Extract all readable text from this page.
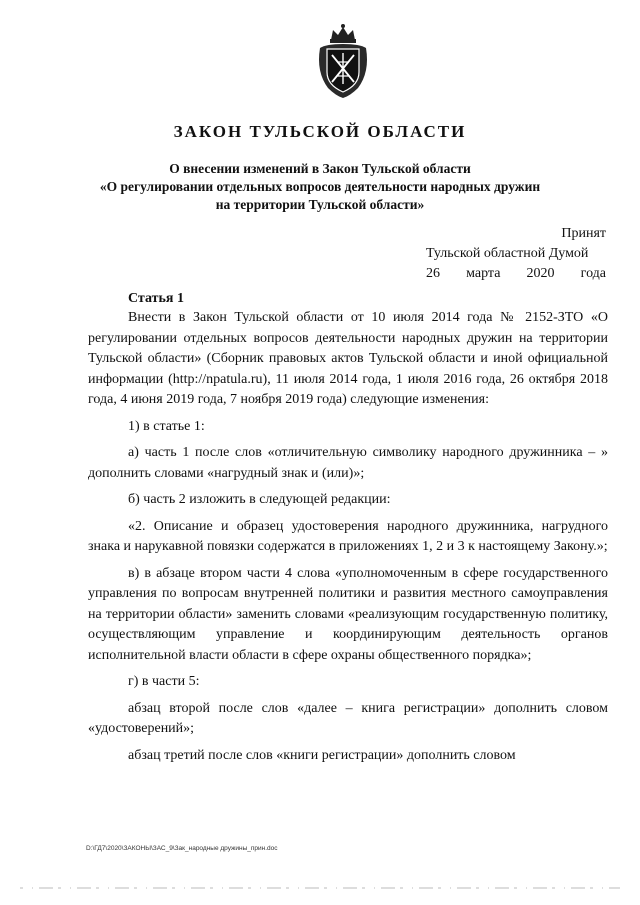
ЗАКОН ТУЛЬСКОЙ ОБЛАСТИ
О внесении изменений в Закон Тульской области
«О регулировании отдельных вопросов деятельности народных дружин
на территории Тульской области»
Принят
Тульской областной Думой
26 марта 2020 года
Статья 1

Внести в Закон Тульской области от 10 июля 2014 года № 2152-ЗТО «О регулировании отдельных вопросов деятельности народных дружин на территории Тульской области» (Сборник правовых актов Тульской области и иной официальной информации (http://npatula.ru), 11 июля 2014 года, 1 июля 2016 года, 26 октября 2018 года, 4 июня 2019 года, 7 ноября 2019 года) следующие изменения:

1) в статье 1:

а) часть 1 после слов «отличительную символику народного дружинника – » дополнить словами «нагрудный знак и (или)»;

б) часть 2 изложить в следующей редакции:

«2. Описание и образец удостоверения народного дружинника, нагрудного знака и нарукавной повязки содержатся в приложениях 1, 2 и 3 к настоящему Закону.»;

в) в абзаце втором части 4 слова «уполномоченным в сфере государственного управления по вопросам внутренней политики и развития местного самоуправления на территории области» заменить словами «реализующим государственную политику, осуществляющим управление и координирующим деятельность органов исполнительной власти области в сфере охраны общественного порядка»;

г) в части 5:

абзац второй после слов «далее – книга регистрации» дополнить словом «удостоверений»;

абзац третий после слов «книги регистрации» дополнить словом

D:\ГД7\2020\ЗАКОНЫ\ЗАС_9\Зак_народные дружины_прин.doc
